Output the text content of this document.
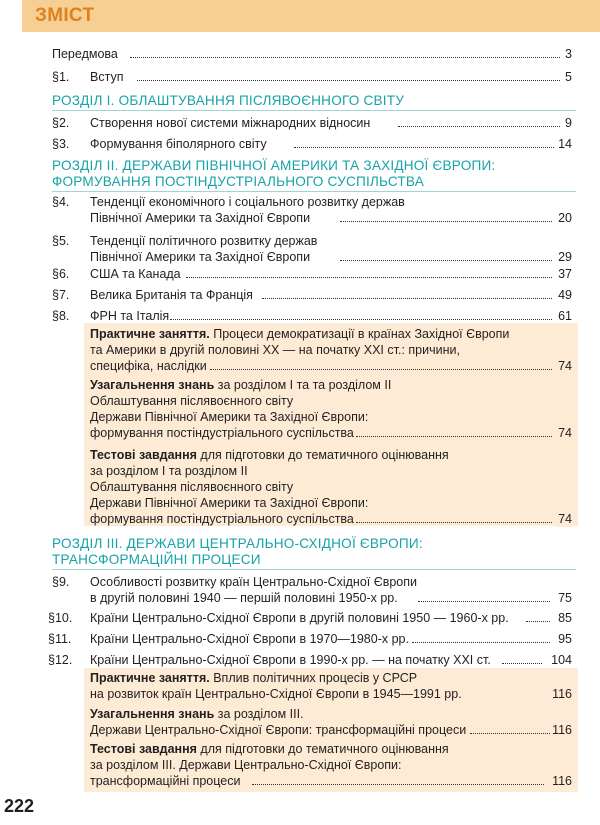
ЗМІСТ
Передмова	3
§1. Вступ	5
РОЗДІЛ І. ОБЛАШТУВАННЯ ПІСЛЯВОЄННОГО СВІТУ
§2. Створення нової системи міжнародних відносин	9
§3. Формування біполярного світу	14
РОЗДІЛ ІІ. ДЕРЖАВИ ПІВНІЧНОЇ АМЕРИКИ ТА ЗАХІДНОЇ ЄВРОПИ:
ФОРМУВАННЯ ПОСТІНДУСТРІАЛЬНОГО СУСПІЛЬСТВА
§4. Тенденції економічного і соціального розвитку держав
Північної Америки та Західної Європи	20
§5. Тенденції політичного розвитку держав
Північної Америки та Західної Європи	29
§6. США та Канада	37
§7. Велика Британія та Франція	49
§8. ФРН та Італія	61
Практичне заняття. Процеси демократизації в країнах Західної Європи
та Америки в другій половині ХХ — на початку ХХІ ст.: причини,
специфіка, наслідки	74
Узагальнення знань за розділом І та та розділом ІІ
Облаштування післявоєнного світу
Держави Північної Америки та Західної Європи:
формування постіндустріального суспільства	74
Тестові завдання для підготовки до тематичного оцінювання
за розділом І та розділом ІІ
Облаштування післявоєнного світу
Держави Північної Америки та Західної Європи:
формування постіндустріального суспільства	74
РОЗДІЛ ІІІ. ДЕРЖАВИ ЦЕНТРАЛЬНО-СХІДНОЇ ЄВРОПИ:
ТРАНСФОРМАЦІЙНІ ПРОЦЕСИ
§9. Особливості розвитку країн Центрально-Східної Європи
в другій половині 1940 — першій половині 1950-х рр.	75
§10. Країни Центрально-Східної Європи в другій половині 1950 — 1960-х рр.	85
§11. Країни Центрально-Східної Європи в 1970—1980-х рр.	95
§12. Країни Центрально-Східної Європи в 1990-х рр. — на початку ХХІ ст.	104
Практичне заняття. Вплив політичних процесів у СРСР
на розвиток країн Центрально-Східної Європи в 1945—1991 рр.	116
Узагальнення знань за розділом ІІІ.
Держави Центрально-Східної Європи: трансформаційні процеси	116
Тестові завдання для підготовки до тематичного оцінювання
за розділом ІІІ. Держави Центрально-Східної Європи:
трансформаційні процеси	116
222
